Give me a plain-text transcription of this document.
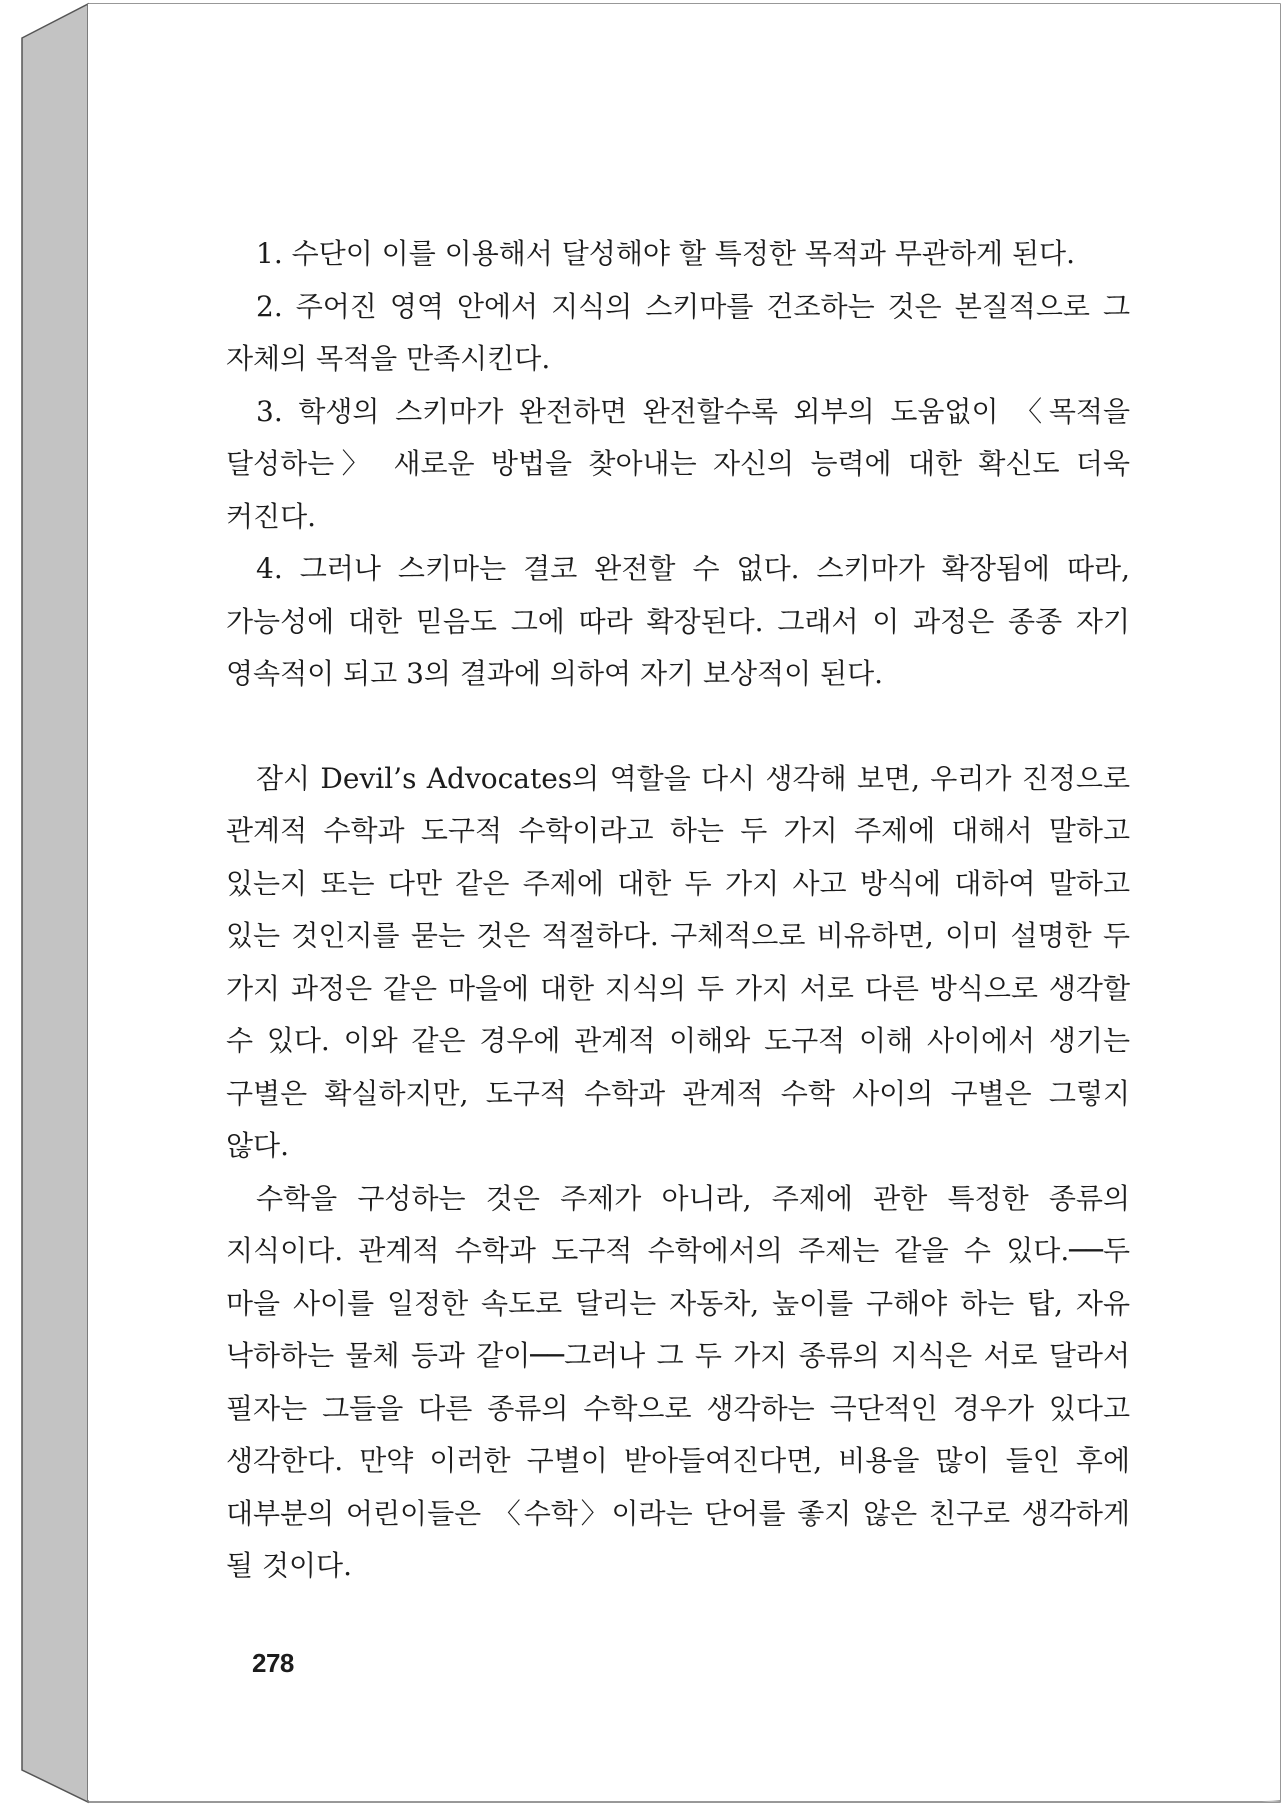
1. 수단이 이를 이용해서 달성해야 할 특정한 목적과 무관하게 된다.

2. 주어진 영역 안에서 지식의 스키마를 건조하는 것은 본질적으로 그 자체의 목적을 만족시킨다.

3. 학생의 스키마가 완전하면 완전할수록 외부의 도움없이 〈목적을 달성하는〉 새로운 방법을 찾아내는 자신의 능력에 대한 확신도 더욱 커진다.

4. 그러나 스키마는 결코 완전할 수 없다. 스키마가 확장됨에 따라, 가능성에 대한 믿음도 그에 따라 확장된다. 그래서 이 과정은 종종 자기 영속적이 되고 3의 결과에 의하여 자기 보상적이 된다.

잠시 Devil’s Advocates의 역할을 다시 생각해 보면, 우리가 진정으로 관계적 수학과 도구적 수학이라고 하는 두 가지 주제에 대해서 말하고 있는지 또는 다만 같은 주제에 대한 두 가지 사고 방식에 대하여 말하고 있는 것인지를 묻는 것은 적절하다. 구체적으로 비유하면, 이미 설명한 두 가지 과정은 같은 마을에 대한 지식의 두 가지 서로 다른 방식으로 생각할 수 있다. 이와 같은 경우에 관계적 이해와 도구적 이해 사이에서 생기는 구별은 확실하지만, 도구적 수학과 관계적 수학 사이의 구별은 그렇지 않다.

수학을 구성하는 것은 주제가 아니라, 주제에 관한 특정한 종류의 지식이다. 관계적 수학과 도구적 수학에서의 주제는 같을 수 있다.──두 마을 사이를 일정한 속도로 달리는 자동차, 높이를 구해야 하는 탑, 자유 낙하하는 물체 등과 같이──그러나 그 두 가지 종류의 지식은 서로 달라서 필자는 그들을 다른 종류의 수학으로 생각하는 극단적인 경우가 있다고 생각한다. 만약 이러한 구별이 받아들여진다면, 비용을 많이 들인 후에 대부분의 어린이들은 〈수학〉이라는 단어를 좋지 않은 친구로 생각하게 될 것이다.

278
